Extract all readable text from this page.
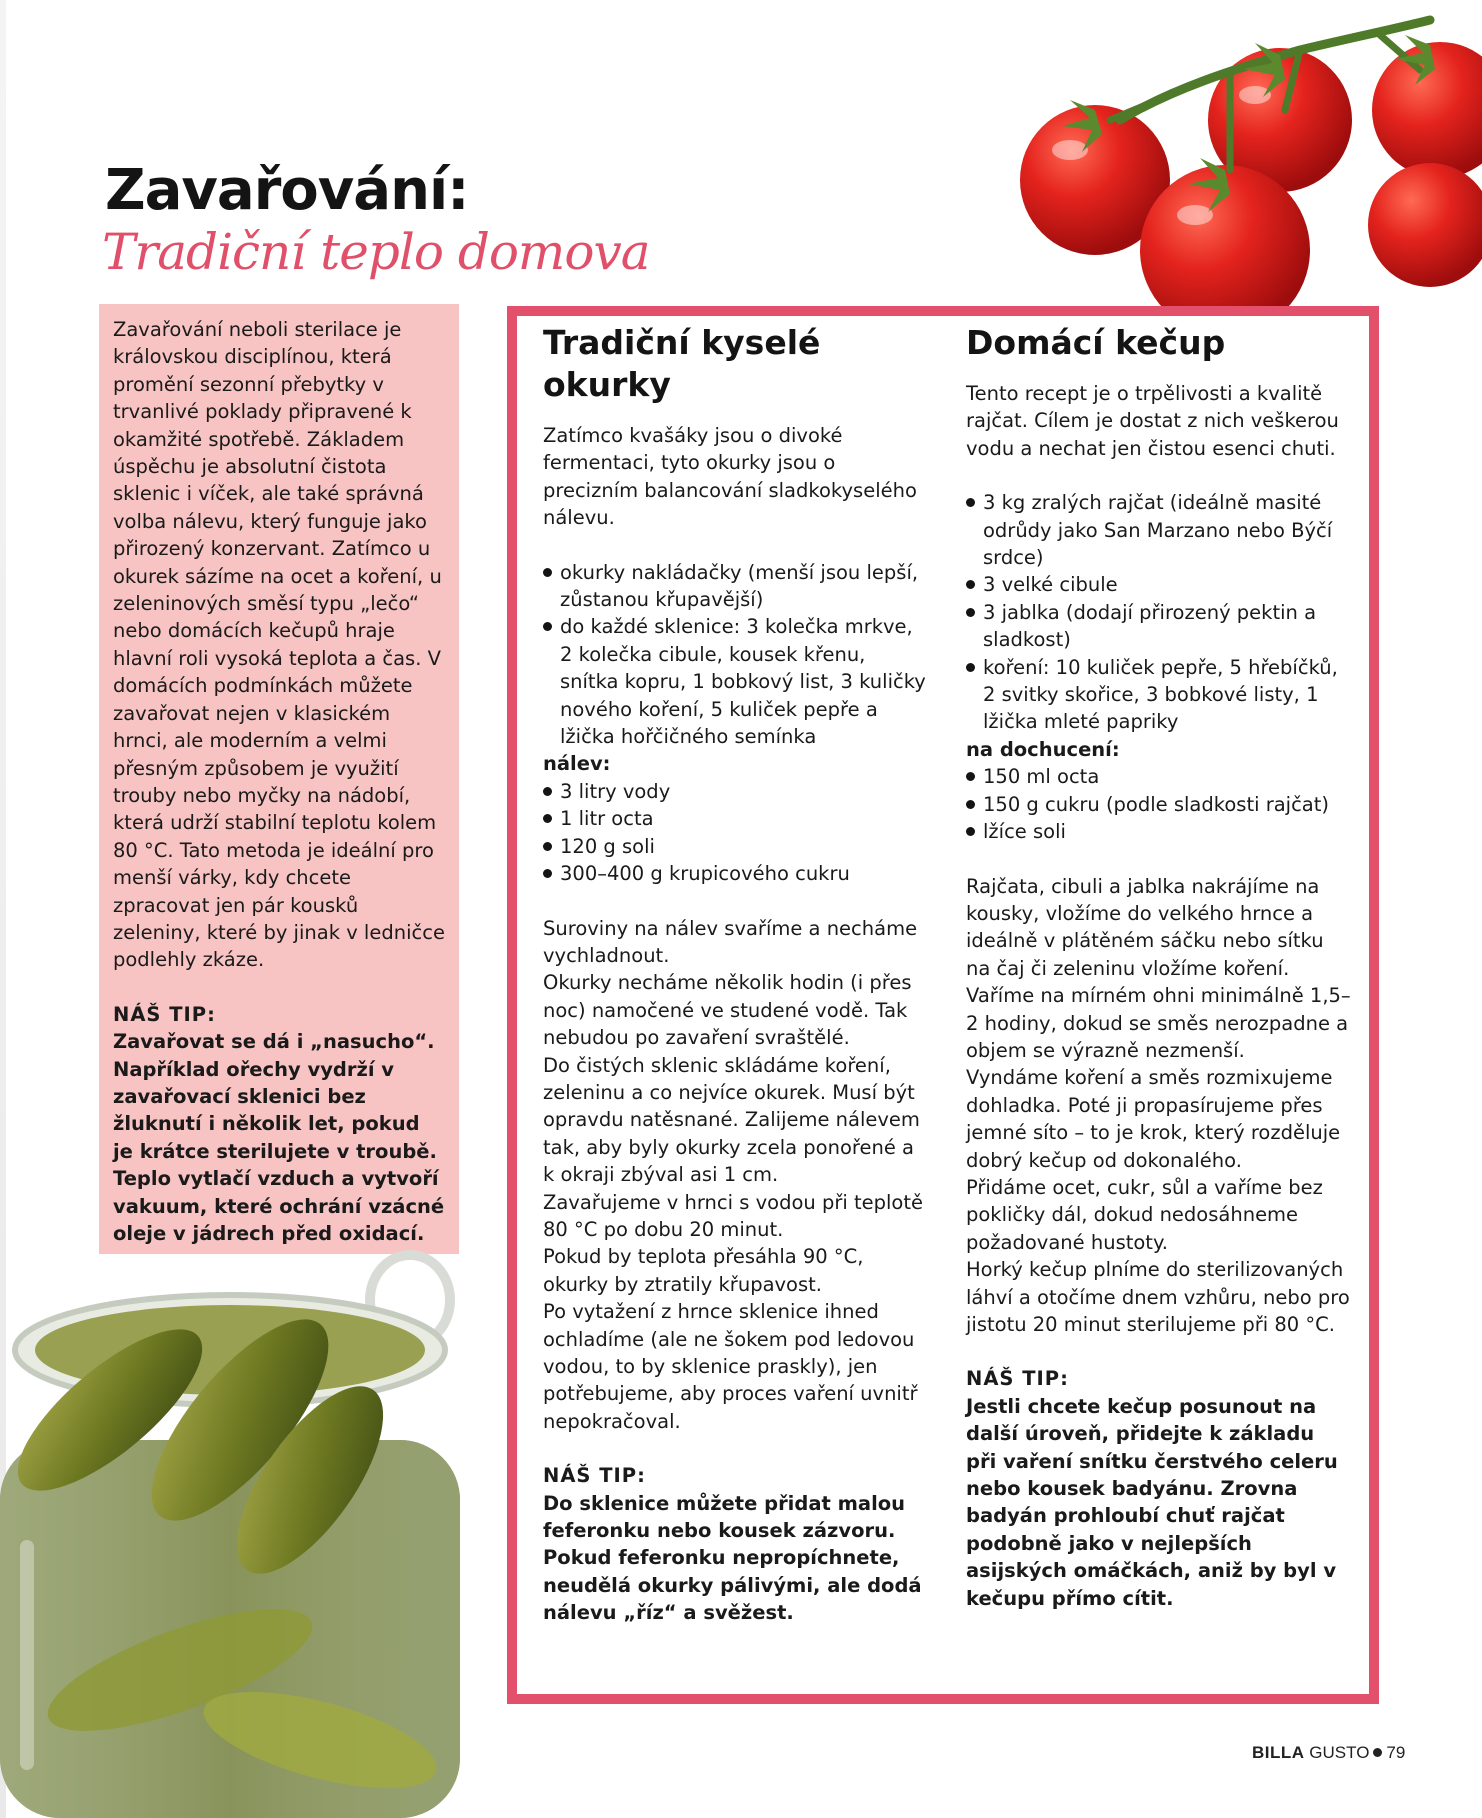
Zavařování:
Tradiční teplo domova

Zavařování neboli sterilace je královskou disciplínou, která promění sezonní přebytky v trvanlivé poklady připravené k okamžité spotřebě. Základem úspěchu je absolutní čistota sklenic i víček, ale také správná volba nálevu, který funguje jako přirozený konzervant. Zatímco u okurek sázíme na ocet a koření, u zeleninových směsí typu „lečo“ nebo domácích kečupů hraje hlavní roli vysoká teplota a čas. V domácích podmínkách můžete zavařovat nejen v klasickém hrnci, ale moderním a velmi přesným způsobem je využití trouby nebo myčky na nádobí, která udrží stabilní teplotu kolem 80 °C. Tato metoda je ideální pro menší várky, kdy chcete zpracovat jen pár kousků zeleniny, které by jinak v ledničce podlehly zkáze.

NÁŠ TIP:

Zavařovat se dá i „nasucho“. Například ořechy vydrží v zavařovací sklenici bez žluknutí i několik let, pokud je krátce sterilujete v troubě. Teplo vytlačí vzduch a vytvoří vakuum, které ochrání vzácné oleje v jádrech před oxidací.

Tradiční kyselé okurky

Zatímco kvašáky jsou o divoké fermentaci, tyto okurky jsou o precizním balancování sladkokyselého nálevu.

okurky nakládačky (menší jsou lepší, zůstanou křupavější)
do každé sklenice: 3 kolečka mrkve, 2 kolečka cibule, kousek křenu, snítka kopru, 1 bobkový list, 3 kuličky nového koření, 5 kuliček pepře a lžička hořčičného semínka

nálev:

3 litry vody
1 litr octa
120 g soli
300–400 g krupicového cukru

Suroviny na nálev svaříme a necháme vychladnout.

Okurky necháme několik hodin (i přes noc) namočené ve studené vodě. Tak nebudou po zavaření svraštělé.

Do čistých sklenic skládáme koření, zeleninu a co nejvíce okurek. Musí být opravdu natěsnané. Zalijeme nálevem tak, aby byly okurky zcela ponořené a k okraji zbýval asi 1 cm.

Zavařujeme v hrnci s vodou při teplotě 80 °C po dobu 20 minut.

Pokud by teplota přesáhla 90 °C, okurky by ztratily křupavost.

Po vytažení z hrnce sklenice ihned ochladíme (ale ne šokem pod ledovou vodou, to by sklenice praskly), jen potřebujeme, aby proces vaření uvnitř nepokračoval.

NÁŠ TIP:

Do sklenice můžete přidat malou feferonku nebo kousek zázvoru. Pokud feferonku nepropíchnete, neudělá okurky pálivými, ale dodá nálevu „říz“ a svěžest.

Domácí kečup

Tento recept je o trpělivosti a kvalitě rajčat. Cílem je dostat z nich veškerou vodu a nechat jen čistou esenci chuti.

3 kg zralých rajčat (ideálně masité odrůdy jako San Marzano nebo Býčí srdce)
3 velké cibule
3 jablka (dodají přirozený pektin a sladkost)
koření: 10 kuliček pepře, 5 hřebíčků, 2 svitky skořice, 3 bobkové listy, 1 lžička mleté papriky

na dochucení:

150 ml octa
150 g cukru (podle sladkosti rajčat)
lžíce soli

Rajčata, cibuli a jablka nakrájíme na kousky, vložíme do velkého hrnce a ideálně v plátěném sáčku nebo sítku na čaj či zeleninu vložíme koření.

Vaříme na mírném ohni minimálně 1,5–2 hodiny, dokud se směs nerozpadne a objem se výrazně nezmenší.

Vyndáme koření a směs rozmixujeme dohladka. Poté ji propasírujeme přes jemné síto – to je krok, který rozděluje dobrý kečup od dokonalého.

Přidáme ocet, cukr, sůl a vaříme bez pokličky dál, dokud nedosáhneme požadované hustoty.

Horký kečup plníme do sterilizovaných láhví a otočíme dnem vzhůru, nebo pro jistotu 20 minut sterilujeme při 80 °C.

NÁŠ TIP:

Jestli chcete kečup posunout na další úroveň, přidejte k základu při vaření snítku čerstvého celeru nebo kousek badyánu. Zrovna badyán prohloubí chuť rajčat podobně jako v nejlepších asijských omáčkách, aniž by byl v kečupu přímo cítit.

BILLA GUSTO 79
